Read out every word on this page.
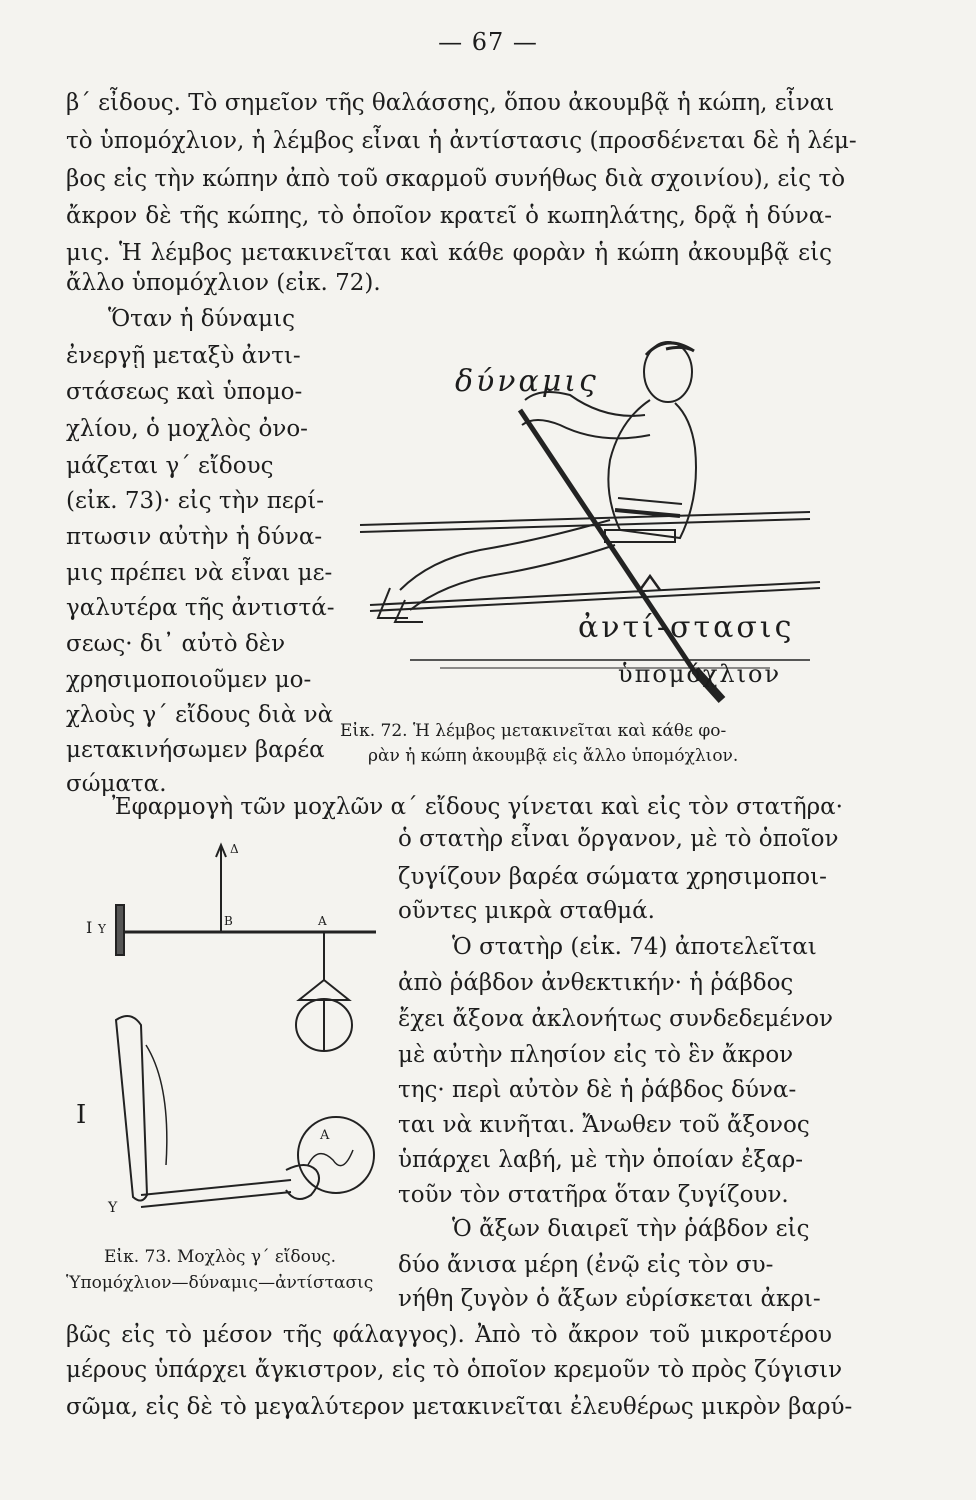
— 67 —
β΄ εἶδους. Τὸ σημεῖον τῆς θαλάσσης, ὅπου ἀκουμβᾷ ἡ κώπη, εἶναι
τὸ ὑπομόχλιον, ἡ λέμβος εἶναι ἡ ἀντίστασις (προσδένεται δὲ ἡ λέμ-
βος εἰς τὴν κώπην ἀπὸ τοῦ σκαρμοῦ συνήθως διὰ σχοινίου), εἰς τὸ
ἄκρον δὲ τῆς κώπης, τὸ ὁποῖον κρατεῖ ὁ κωπηλάτης, δρᾷ ἡ δύνα-
μις. Ἡ λέμβος μετακινεῖται καὶ κάθε φορὰν ἡ κώπη ἀκουμβᾷ εἰς
ἄλλο ὑπομόχλιον (εἰκ. 72).
Ὅταν ἡ δύναμις
ἐνεργῇ μεταξὺ ἀντι-
στάσεως καὶ ὑπομο-
χλίου, ὁ μοχλὸς ὀνο-
μάζεται γ΄ εἴδους
(εἰκ. 73)· εἰς τὴν περί-
πτωσιν αὐτὴν ἡ δύνα-
μις πρέπει νὰ εἶναι με-
γαλυτέρα τῆς ἀντιστά-
σεως· δι᾽ αὐτὸ δὲν
χρησιμοποιοῦμεν μο-
χλοὺς γ΄ εἴδους διὰ νὰ
μετακινήσωμεν βαρέα
σώματα.
δύναμις
ἀντί-στασις
ὑπομόχλιον
Εἰκ. 72. Ἡ λέμβος μετακινεῖται καὶ κάθε φο-
ρὰν ἡ κώπη ἀκουμβᾷ εἰς ἄλλο ὑπομόχλιον.
Ἐφαρμογὴ τῶν μοχλῶν α΄ εἴδους γίνεται καὶ εἰς τὸν στατῆρα·
I Y
B	A
Δ
I
A
Y
Εἰκ. 73. Μοχλὸς γ΄ εἴδους.
Ὑπομόχλιον—δύναμις—ἀντίστασις
ὁ στατὴρ εἶναι ὄργανον, μὲ τὸ ὁποῖον
ζυγίζουν βαρέα σώματα χρησιμοποι-
οῦντες μικρὰ σταθμά.
Ὁ στατὴρ (εἰκ. 74) ἀποτελεῖται
ἀπὸ ῥάβδον ἀνθεκτικήν· ἡ ῥάβδος
ἔχει ἄξονα ἀκλονήτως συνδεδεμένον
μὲ αὐτὴν πλησίον εἰς τὸ ἓν ἄκρον
της· περὶ αὐτὸν δὲ ἡ ῥάβδος δύνα-
ται νὰ κινῆται. Ἄνωθεν τοῦ ἄξονος
ὑπάρχει λαβή, μὲ τὴν ὁποίαν ἐξαρ-
τοῦν τὸν στατῆρα ὅταν ζυγίζουν.
Ὁ ἄξων διαιρεῖ τὴν ῥάβδον εἰς
δύο ἄνισα μέρη (ἐνῷ εἰς τὸν συ-
νήθη ζυγὸν ὁ ἄξων εὑρίσκεται ἀκρι-
βῶς εἰς τὸ μέσον τῆς φάλαγγος). Ἀπὸ τὸ ἄκρον τοῦ μικροτέρου
μέρους ὑπάρχει ἄγκιστρον, εἰς τὸ ὁποῖον κρεμοῦν τὸ πρὸς ζύγισιν
σῶμα, εἰς δὲ τὸ μεγαλύτερον μετακινεῖται ἐλευθέρως μικρὸν βαρύ-
